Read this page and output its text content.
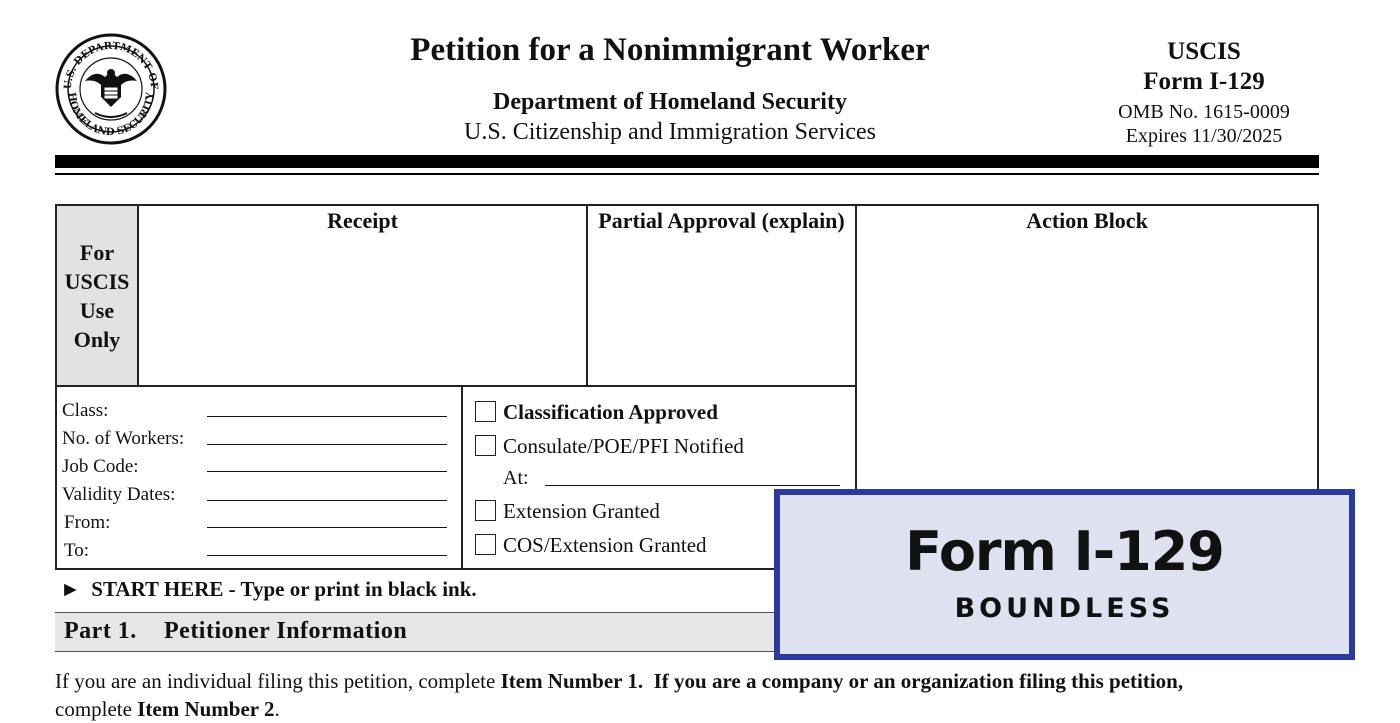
U.S. DEPARTMENT OF
HOMELAND SECURITY
Petition for a Nonimmigrant Worker
Department of Homeland Security
U.S. Citizenship and Immigration Services
USCIS
Form I-129
OMB No. 1615-0009
Expires 11/30/2025
For
USCIS
Use
Only
Receipt	Partial Approval (explain)	Action Block
Class:
No. of Workers:
Job Code:
Validity Dates:
From:
To:
Classification Approved
Consulate/POE/PFI Notified
At:
Extension Granted
COS/Extension Granted
► START HERE - Type or print in black ink.
Part 1. Petitioner Information
If you are an individual filing this petition, complete Item Number 1. If you are a company or an organization filing this petition,
complete Item Number 2.
Form I-129
BOUNDLESS
